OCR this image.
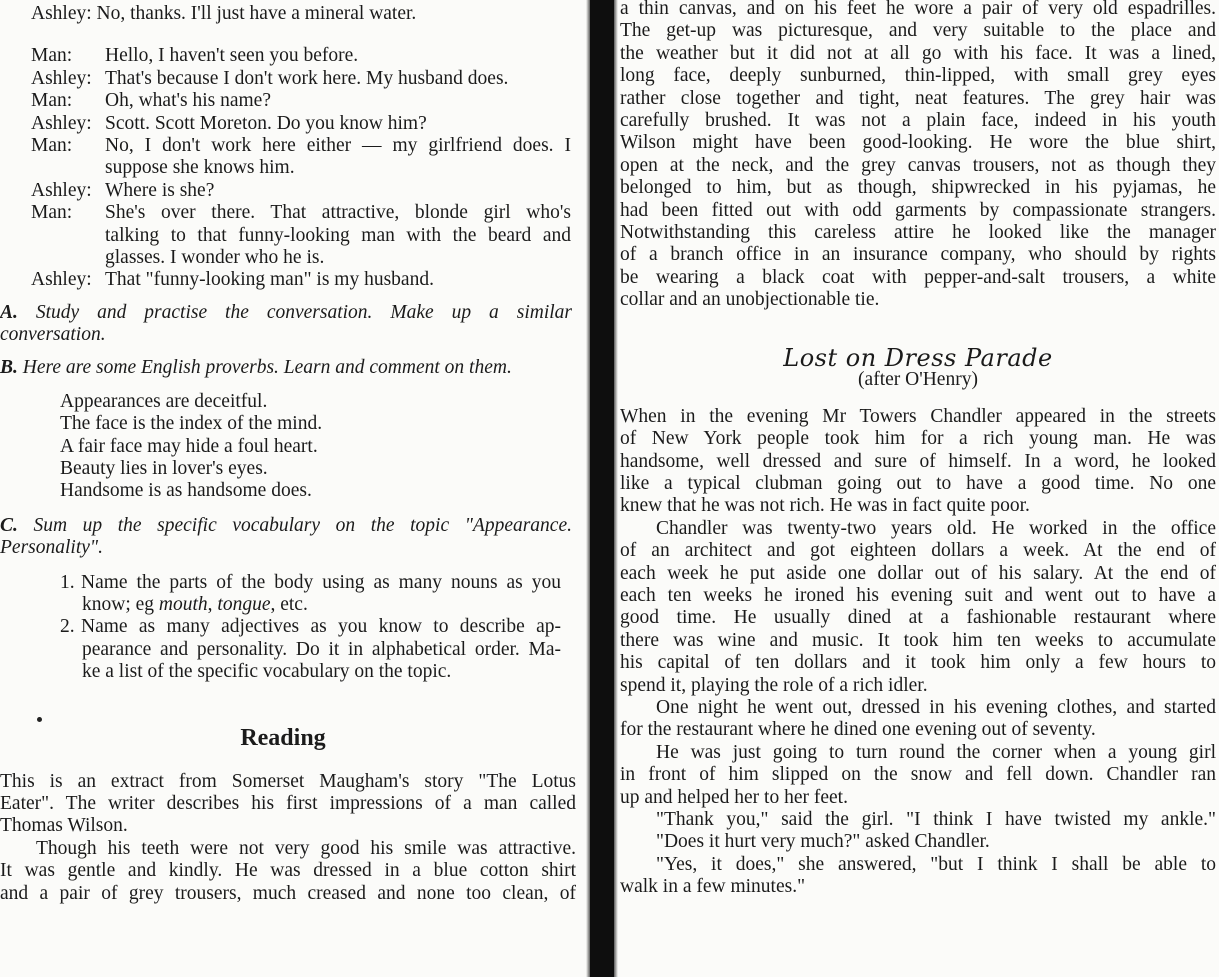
Ashley: No, thanks. I'll just have a mineral water.
Man: Hello, I haven't seen you before.
Ashley: That's because I don't work here. My husband does.
Man: Oh, what's his name?
Ashley: Scott. Scott Moreton. Do you know him?
Man: No, I don't work here either — my girlfriend does. I
suppose she knows him.
Ashley: Where is she?
Man: She's over there. That attractive, blonde girl who's
talking to that funny-looking man with the beard and
glasses. I wonder who he is.
Ashley: That "funny-looking man" is my husband.
A. Study and practise the conversation. Make up a similar
conversation.
B. Here are some English proverbs. Learn and comment on them.
Appearances are deceitful.
The face is the index of the mind.
A fair face may hide a foul heart.
Beauty lies in lover's eyes.
Handsome is as handsome does.
C. Sum up the specific vocabulary on the topic "Appearance.
Personality".
1. Name the parts of the body using as many nouns as you
know; eg mouth, tongue, etc.
2. Name as many adjectives as you know to describe ap-
pearance and personality. Do it in alphabetical order. Ma-
ke a list of the specific vocabulary on the topic.
Reading
This is an extract from Somerset Maugham's story "The Lotus
Eater". The writer describes his first impressions of a man called
Thomas Wilson.
Though his teeth were not very good his smile was attractive.
It was gentle and kindly. He was dressed in a blue cotton shirt
and a pair of grey trousers, much creased and none too clean, of
a thin canvas, and on his feet he wore a pair of very old espadrilles.
The get-up was picturesque, and very suitable to the place and
the weather but it did not at all go with his face. It was a lined,
long face, deeply sunburned, thin-lipped, with small grey eyes
rather close together and tight, neat features. The grey hair was
carefully brushed. It was not a plain face, indeed in his youth
Wilson might have been good-looking. He wore the blue shirt,
open at the neck, and the grey canvas trousers, not as though they
belonged to him, but as though, shipwrecked in his pyjamas, he
had been fitted out with odd garments by compassionate strangers.
Notwithstanding this careless attire he looked like the manager
of a branch office in an insurance company, who should by rights
be wearing a black coat with pepper-and-salt trousers, a white
collar and an unobjectionable tie.
Lost on Dress Parade
(after O'Henry)
When in the evening Mr Towers Chandler appeared in the streets
of New York people took him for a rich young man. He was
handsome, well dressed and sure of himself. In a word, he looked
like a typical clubman going out to have a good time. No one
knew that he was not rich. He was in fact quite poor.
Chandler was twenty-two years old. He worked in the office
of an architect and got eighteen dollars a week. At the end of
each week he put aside one dollar out of his salary. At the end of
each ten weeks he ironed his evening suit and went out to have a
good time. He usually dined at a fashionable restaurant where
there was wine and music. It took him ten weeks to accumulate
his capital of ten dollars and it took him only a few hours to
spend it, playing the role of a rich idler.
One night he went out, dressed in his evening clothes, and started
for the restaurant where he dined one evening out of seventy.
He was just going to turn round the corner when a young girl
in front of him slipped on the snow and fell down. Chandler ran
up and helped her to her feet.
"Thank you," said the girl. "I think I have twisted my ankle."
"Does it hurt very much?" asked Chandler.
"Yes, it does," she answered, "but I think I shall be able to
walk in a few minutes."
